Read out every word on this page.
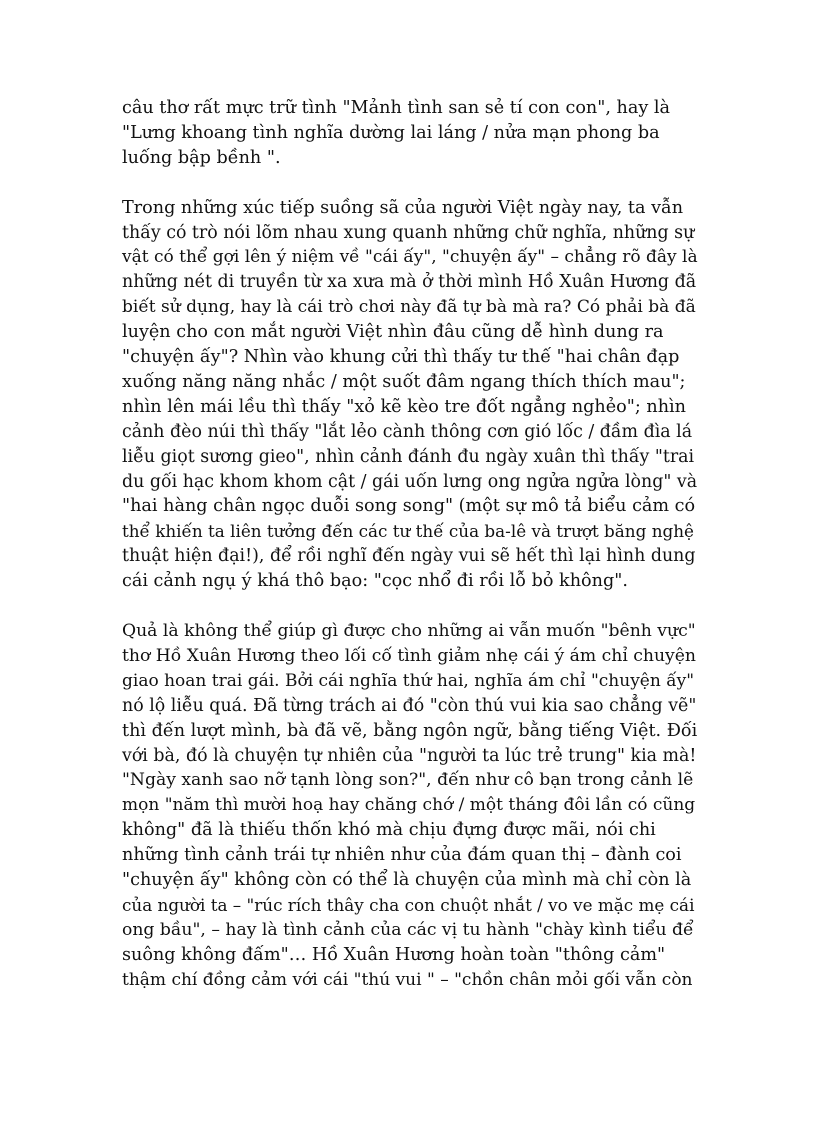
câu thơ rất mực trữ tình "Mảnh tình san sẻ tí con con", hay là
"Lưng khoang tình nghĩa dường lai láng / nửa mạn phong ba
luống bập bềnh ".

Trong những xúc tiếp suồng sã của người Việt ngày nay, ta vẫn
thấy có trò nói lõm nhau xung quanh những chữ nghĩa, những sự
vật có thể gợi lên ý niệm về "cái ấy", "chuyện ấy" – chẳng rõ đây là
những nét di truyền từ xa xưa mà ở thời mình Hồ Xuân Hương đã
biết sử dụng, hay là cái trò chơi này đã tự bà mà ra? Có phải bà đã
luyện cho con mắt người Việt nhìn đâu cũng dễ hình dung ra
"chuyện ấy"? Nhìn vào khung cửi thì thấy tư thế "hai chân đạp
xuống năng năng nhắc / một suốt đâm ngang thích thích mau";
nhìn lên mái lều thì thấy "xỏ kẽ kèo tre đốt ngẳng nghẻo"; nhìn
cảnh đèo núi thì thấy "lắt lẻo cành thông cơn gió lốc / đầm đìa lá
liễu giọt sương gieo", nhìn cảnh đánh đu ngày xuân thì thấy "trai
du gối hạc khom khom cật / gái uốn lưng ong ngửa ngửa lòng" và
"hai hàng chân ngọc duỗi song song" (một sự mô tả biểu cảm có
thể khiến ta liên tưởng đến các tư thế của ba-lê và trượt băng nghệ
thuật hiện đại!), để rồi nghĩ đến ngày vui sẽ hết thì lại hình dung
cái cảnh ngụ ý khá thô bạo: "cọc nhổ đi rồi lỗ bỏ không".

Quả là không thể giúp gì được cho những ai vẫn muốn "bênh vực"
thơ Hồ Xuân Hương theo lối cố tình giảm nhẹ cái ý ám chỉ chuyện
giao hoan trai gái. Bởi cái nghĩa thứ hai, nghĩa ám chỉ "chuyện ấy"
nó lộ liễu quá. Đã từng trách ai đó "còn thú vui kia sao chẳng vẽ"
thì đến lượt mình, bà đã vẽ, bằng ngôn ngữ, bằng tiếng Việt. Đối
với bà, đó là chuyện tự nhiên của "người ta lúc trẻ trung" kia mà!
"Ngày xanh sao nỡ tạnh lòng son?", đến như cô bạn trong cảnh lẽ
mọn "năm thì mười hoạ hay chăng chớ / một tháng đôi lần có cũng
không" đã là thiếu thốn khó mà chịu đựng được mãi, nói chi
những tình cảnh trái tự nhiên như của đám quan thị – đành coi
"chuyện ấy" không còn có thể là chuyện của mình mà chỉ còn là
của người ta – "rúc rích thây cha con chuột nhắt / vo ve mặc mẹ cái
ong bầu", – hay là tình cảnh của các vị tu hành "chày kình tiểu để
suông không đấm"… Hồ Xuân Hương hoàn toàn "thông cảm"
thậm chí đồng cảm với cái "thú vui " – "chồn chân mỏi gối vẫn còn
